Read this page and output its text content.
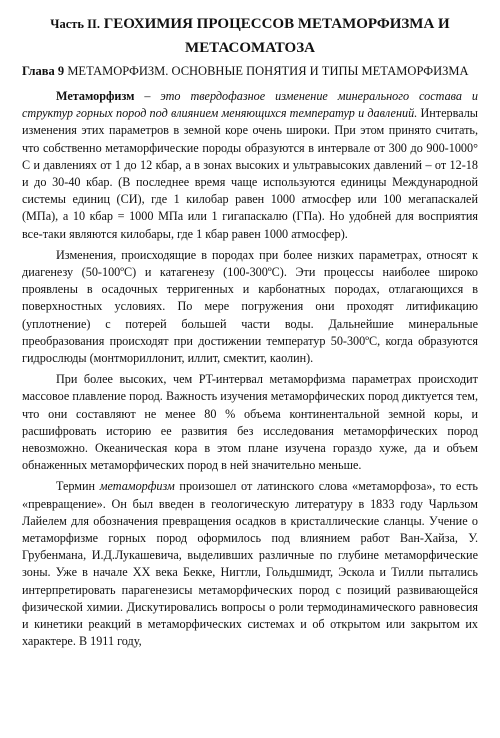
Часть II. ГЕОХИМИЯ ПРОЦЕССОВ МЕТАМОРФИЗМА И
МЕТАСОМАТОЗА
Глава 9 МЕТАМОРФИЗМ. ОСНОВНЫЕ ПОНЯТИЯ И ТИПЫ МЕТАМОРФИЗМА

Метаморфизм – это твердофазное изменение минерального состава и структур горных пород под влиянием меняющихся температур и давлений. Интервалы изменения этих параметров в земной коре очень широки. При этом принято считать, что собственно метаморфические породы образуются в интервале от 300 до 900-1000° С и давлениях от 1 до 12 кбар, а в зонах высоких и ультравысоких давлений – от 12-18 и до 30-40 кбар. (В последнее время чаще используются единицы Международной системы единиц (СИ), где 1 килобар равен 1000 атмосфер или 100 мегапаскалей (МПа), а 10 кбар = 1000 МПа или 1 гигапаскалю (ГПа). Но удобней для восприятия все-таки являются килобары, где 1 кбар равен 1000 атмосфер).

Изменения, происходящие в породах при более низких параметрах, относят к диагенезу (50-100ºС) и катагенезу (100-300ºС). Эти процессы наиболее широко проявлены в осадочных терригенных и карбонатных породах, отлагающихся в поверхностных условиях. По мере погружения они проходят литификацию (уплотнение) с потерей большей части воды. Дальнейшие минеральные преобразования происходят при достижении температур 50-300ºС, когда образуются гидрослюды (монтмориллонит, иллит, смектит, каолин).

При более высоких, чем PT-интервал метаморфизма параметрах происходит массовое плавление пород. Важность изучения метаморфических пород диктуется тем, что они составляют не менее 80 % объема континентальной земной коры, и расшифровать историю ее развития без исследования метаморфических пород невозможно. Океаническая кора в этом плане изучена гораздо хуже, да и объем обнаженных метаморфических пород в ней значительно меньше.

Термин метаморфизм произошел от латинского слова «метаморфоза», то есть «превращение». Он был введен в геологическую литературу в 1833 году Чарльзом Лайелем для обозначения превращения осадков в кристаллические сланцы. Учение о метаморфизме горных пород оформилось под влиянием работ Ван-Хайза, У. Грубенмана, И.Д.Лукашевича, выделивших различные по глубине метаморфические зоны. Уже в начале XX века Бекке, Ниггли, Гольдшмидт, Эскола и Тилли пытались интерпретировать парагенезисы метаморфических пород с позиций развивающейся физической химии. Дискутировались вопросы о роли термодинамического равновесия и кинетики реакций в метаморфических системах и об открытом или закрытом их характере. В 1911 году,
